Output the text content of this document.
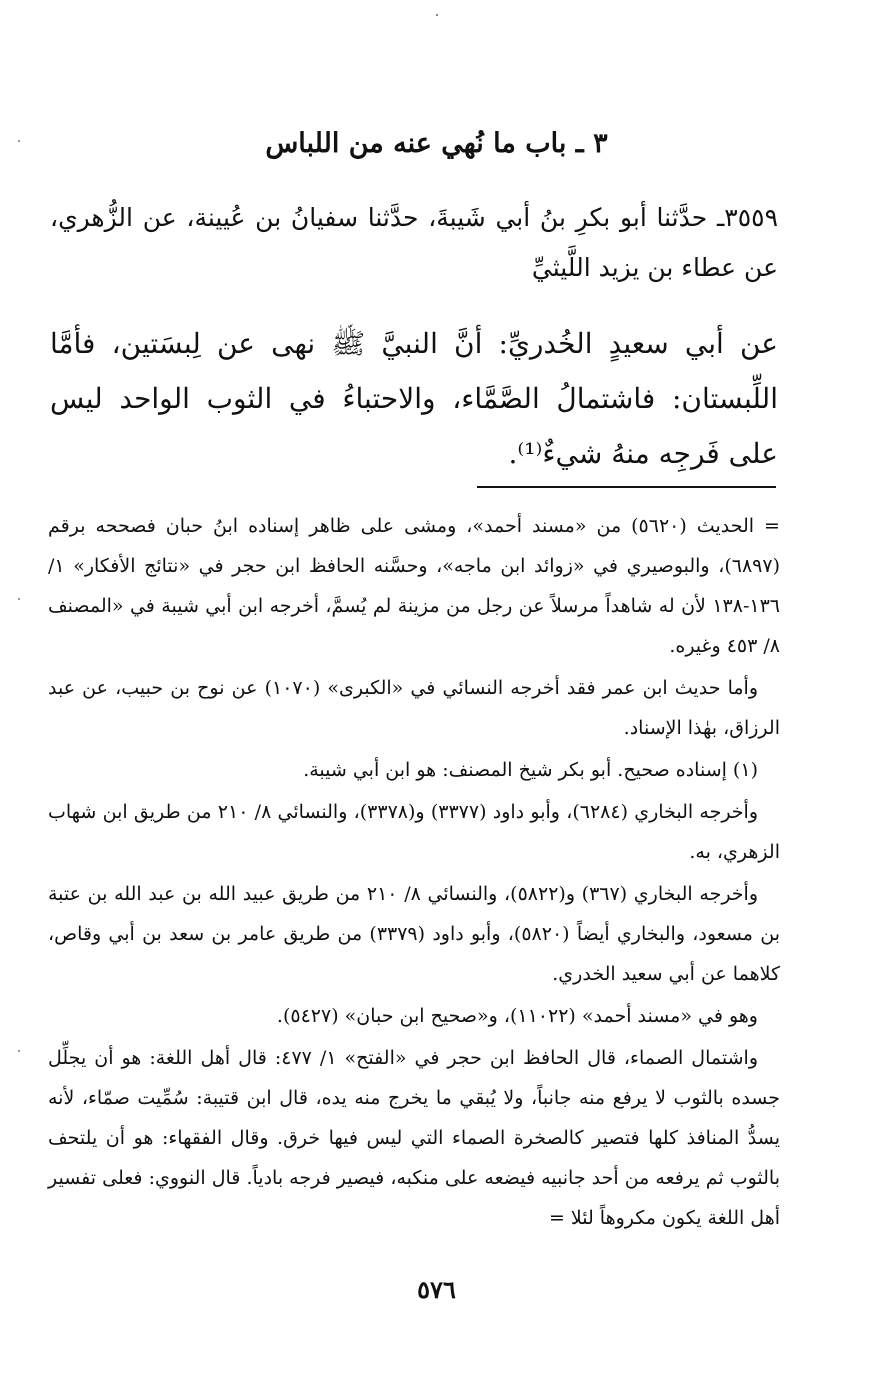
٣ ـ باب ما نُهي عنه من اللباس

٣٥٥٩ـ حدَّثنا أبو بكرِ بنُ أبي شَيبةَ، حدَّثنا سفيانُ بن عُيينة، عن الزُّهري، عن عطاء بن يزيد اللَّيثيِّ

عن أبي سعيدٍ الخُدريِّ: أنَّ النبيَّ ﷺ نهى عن لِبسَتين، فأمَّا اللِّبستان: فاشتمالُ الصَّمَّاء، والاحتباءُ في الثوب الواحد ليس على فَرجِه منهُ شيءٌ⁽¹⁾.

= الحديث (٥٦٢٠) من «مسند أحمد»، ومشى على ظاهر إسناده ابنُ حبان فصححه برقم (٦٨٩٧)، والبوصيري في «زوائد ابن ماجه»، وحسَّنه الحافظ ابن حجر في «نتائج الأفكار» ١/ ١٣٦-١٣٨ لأن له شاهداً مرسلاً عن رجل من مزينة لم يُسمَّ، أخرجه ابن أبي شيبة في «المصنف ٨/ ٤٥٣ وغيره.

وأما حديث ابن عمر فقد أخرجه النسائي في «الكبرى» (١٠٧٠) عن نوح بن حبيب، عن عبد الرزاق، بهٰذا الإسناد.

(١) إسناده صحيح. أبو بكر شيخ المصنف: هو ابن أبي شيبة.

وأخرجه البخاري (٦٢٨٤)، وأبو داود (٣٣٧٧) و(٣٣٧٨)، والنسائي ٨/ ٢١٠ من طريق ابن شهاب الزهري، به.

وأخرجه البخاري (٣٦٧) و(٥٨٢٢)، والنسائي ٨/ ٢١٠ من طريق عبيد الله بن عبد الله بن عتبة بن مسعود، والبخاري أيضاً (٥٨٢٠)، وأبو داود (٣٣٧٩) من طريق عامر بن سعد بن أبي وقاص، كلاهما عن أبي سعيد الخدري.

وهو في «مسند أحمد» (١١٠٢٢)، و«صحيح ابن حبان» (٥٤٢٧).

واشتمال الصماء، قال الحافظ ابن حجر في «الفتح» ١/ ٤٧٧: قال أهل اللغة: هو أن يجلِّل جسده بالثوب لا يرفع منه جانباً، ولا يُبقي ما يخرج منه يده، قال ابن قتيبة: سُمِّيت صمّاء، لأنه يسدُّ المنافذ كلها فتصير كالصخرة الصماء التي ليس فيها خرق. وقال الفقهاء: هو أن يلتحف بالثوب ثم يرفعه من أحد جانبيه فيضعه على منكبه، فيصير فرجه بادياً. قال النووي: فعلى تفسير أهل اللغة يكون مكروهاً لئلا =

٥٧٦
